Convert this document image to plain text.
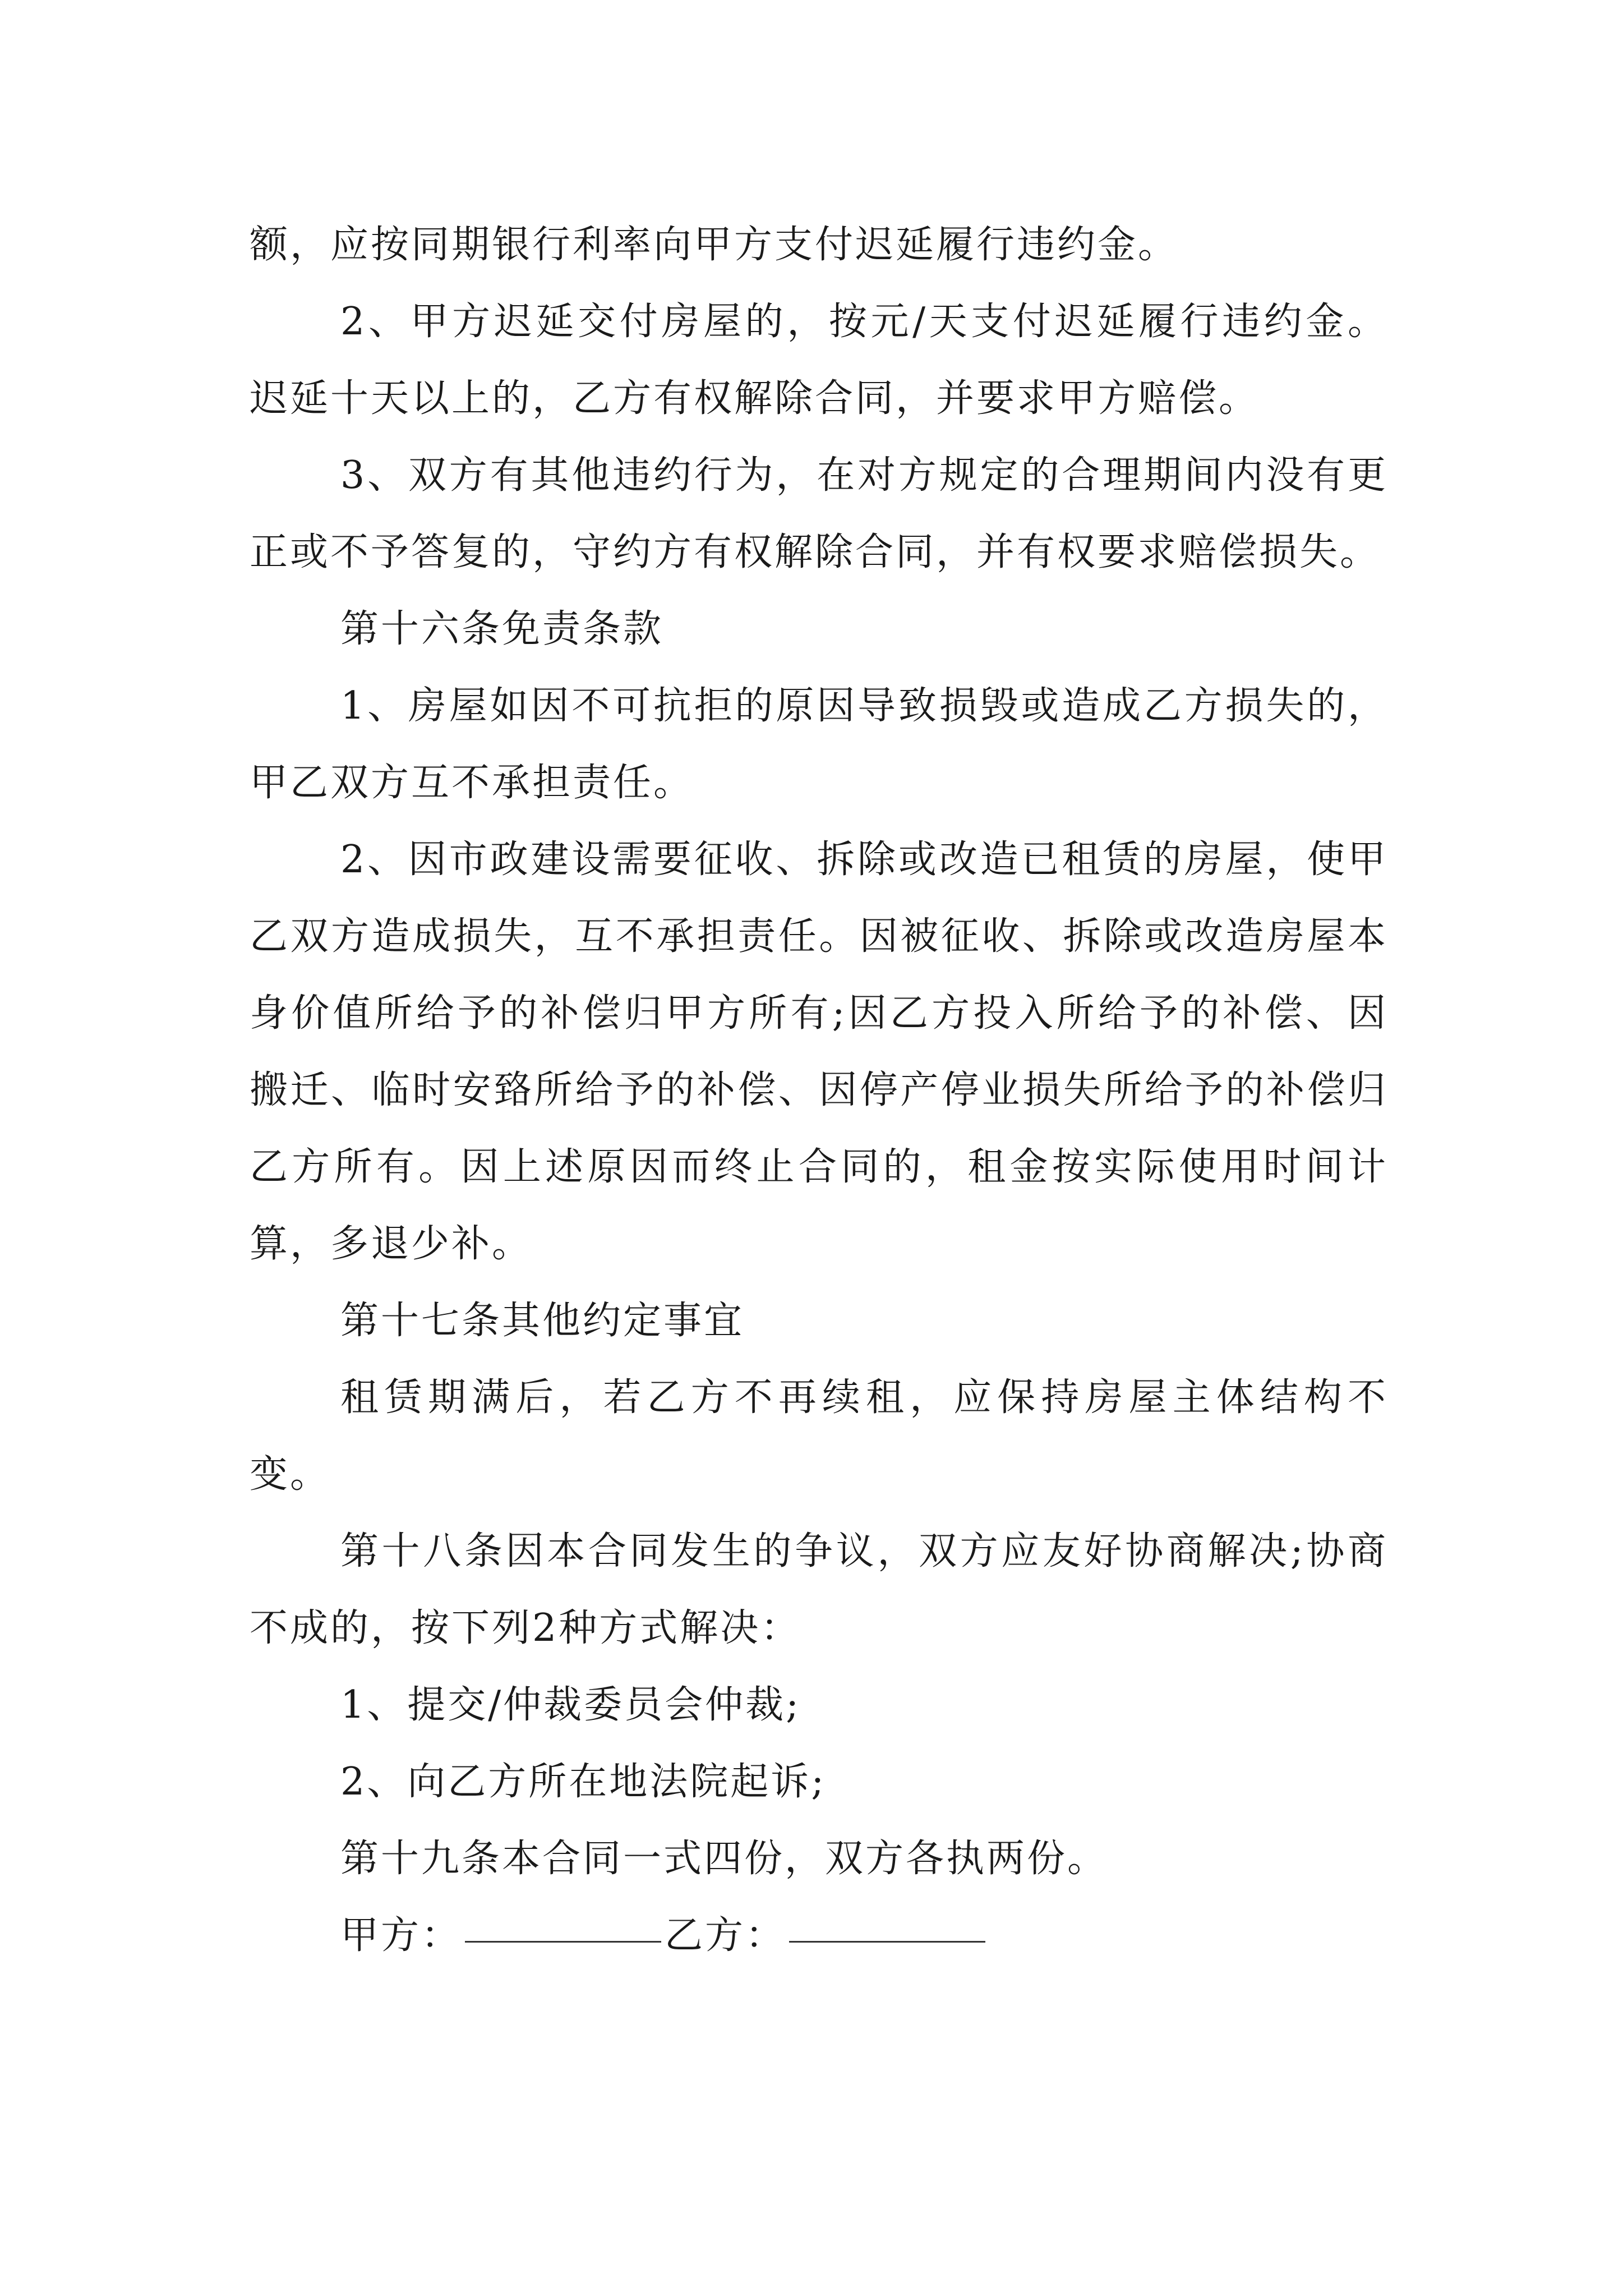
额，应按同期银行利率向甲方支付迟延履行违约金。

2、甲方迟延交付房屋的，按元/天支付迟延履行违约金。迟延十天以上的，乙方有权解除合同，并要求甲方赔偿。

3、双方有其他违约行为，在对方规定的合理期间内没有更正或不予答复的，守约方有权解除合同，并有权要求赔偿损失。

第十六条免责条款

1、房屋如因不可抗拒的原因导致损毁或造成乙方损失的，甲乙双方互不承担责任。

2、因市政建设需要征收、拆除或改造已租赁的房屋，使甲乙双方造成损失，互不承担责任。因被征收、拆除或改造房屋本身价值所给予的补偿归甲方所有;因乙方投入所给予的补偿、因搬迁、临时安臵所给予的补偿、因停产停业损失所给予的补偿归乙方所有。因上述原因而终止合同的，租金按实际使用时间计算，多退少补。

第十七条其他约定事宜

租赁期满后，若乙方不再续租，应保持房屋主体结构不变。

第十八条因本合同发生的争议，双方应友好协商解决;协商不成的，按下列2种方式解决：

1、提交/仲裁委员会仲裁;

2、向乙方所在地法院起诉;

第十九条本合同一式四份，双方各执两份。

甲方：	乙方：
